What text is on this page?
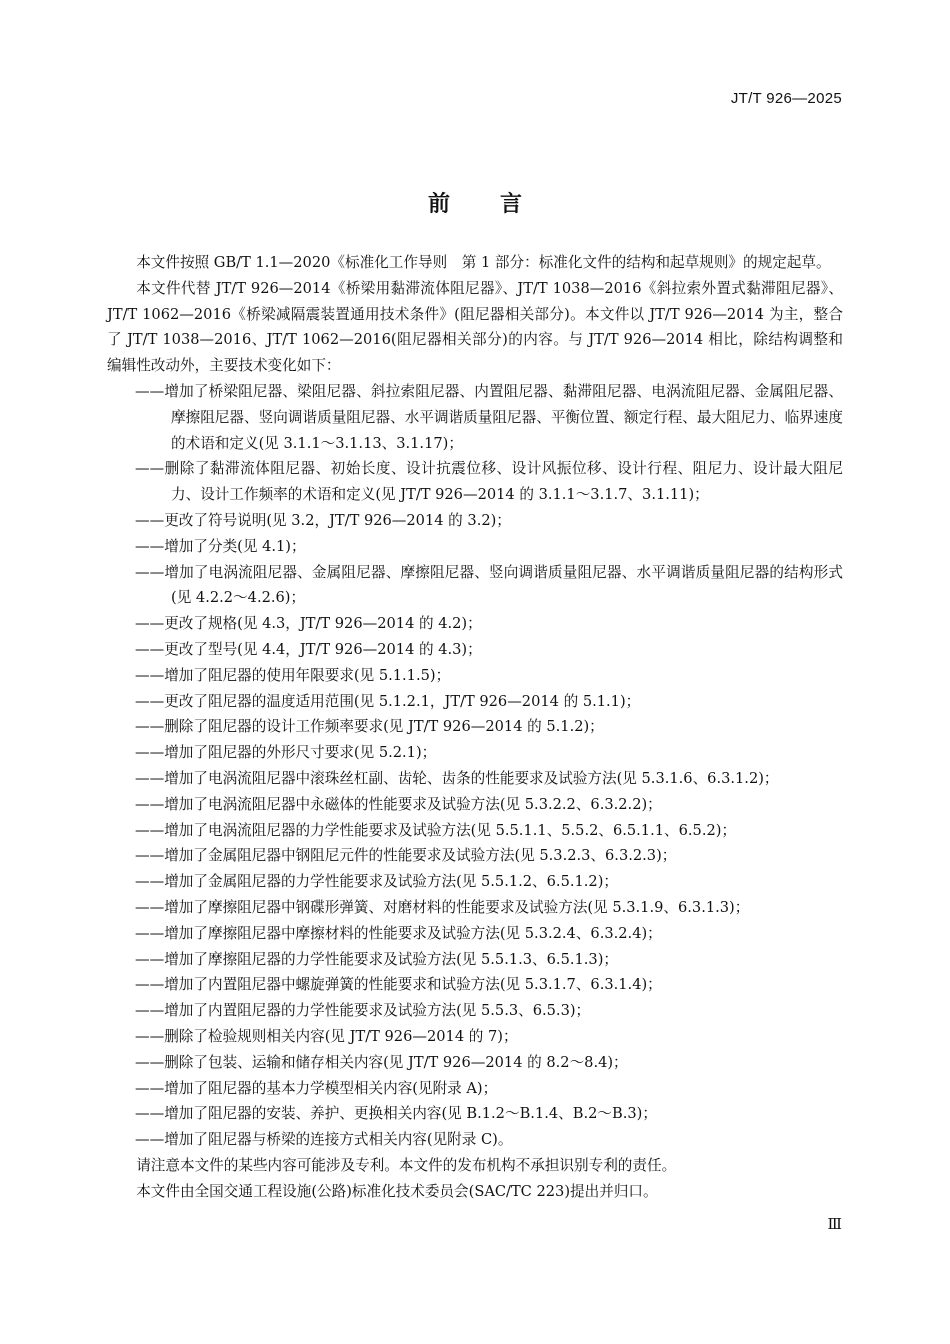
JT/T 926—2025
前言

本文件按照 GB/T 1.1—2020《标准化工作导则　第 1 部分：标准化文件的结构和起草规则》的规定起草。

本文件代替 JT/T 926—2014《桥梁用黏滞流体阻尼器》、JT/T 1038—2016《斜拉索外置式黏滞阻尼器》、JT/T 1062—2016《桥梁减隔震装置通用技术条件》(阻尼器相关部分)。本文件以 JT/T 926—2014 为主，整合了 JT/T 1038—2016、JT/T 1062—2016(阻尼器相关部分)的内容。与 JT/T 926—2014 相比，除结构调整和编辑性改动外，主要技术变化如下：

——增加了桥梁阻尼器、梁阻尼器、斜拉索阻尼器、内置阻尼器、黏滞阻尼器、电涡流阻尼器、金属阻尼器、摩擦阻尼器、竖向调谐质量阻尼器、水平调谐质量阻尼器、平衡位置、额定行程、最大阻尼力、临界速度的术语和定义(见 3.1.1～3.1.13、3.1.17)；
——删除了黏滞流体阻尼器、初始长度、设计抗震位移、设计风振位移、设计行程、阻尼力、设计最大阻尼力、设计工作频率的术语和定义(见 JT/T 926—2014 的 3.1.1～3.1.7、3.1.11)；
——更改了符号说明(见 3.2，JT/T 926—2014 的 3.2)；
——增加了分类(见 4.1)；
——增加了电涡流阻尼器、金属阻尼器、摩擦阻尼器、竖向调谐质量阻尼器、水平调谐质量阻尼器的结构形式(见 4.2.2～4.2.6)；
——更改了规格(见 4.3，JT/T 926—2014 的 4.2)；
——更改了型号(见 4.4，JT/T 926—2014 的 4.3)；
——增加了阻尼器的使用年限要求(见 5.1.1.5)；
——更改了阻尼器的温度适用范围(见 5.1.2.1，JT/T 926—2014 的 5.1.1)；
——删除了阻尼器的设计工作频率要求(见 JT/T 926—2014 的 5.1.2)；
——增加了阻尼器的外形尺寸要求(见 5.2.1)；
——增加了电涡流阻尼器中滚珠丝杠副、齿轮、齿条的性能要求及试验方法(见 5.3.1.6、6.3.1.2)；
——增加了电涡流阻尼器中永磁体的性能要求及试验方法(见 5.3.2.2、6.3.2.2)；
——增加了电涡流阻尼器的力学性能要求及试验方法(见 5.5.1.1、5.5.2、6.5.1.1、6.5.2)；
——增加了金属阻尼器中钢阻尼元件的性能要求及试验方法(见 5.3.2.3、6.3.2.3)；
——增加了金属阻尼器的力学性能要求及试验方法(见 5.5.1.2、6.5.1.2)；
——增加了摩擦阻尼器中钢碟形弹簧、对磨材料的性能要求及试验方法(见 5.3.1.9、6.3.1.3)；
——增加了摩擦阻尼器中摩擦材料的性能要求及试验方法(见 5.3.2.4、6.3.2.4)；
——增加了摩擦阻尼器的力学性能要求及试验方法(见 5.5.1.3、6.5.1.3)；
——增加了内置阻尼器中螺旋弹簧的性能要求和试验方法(见 5.3.1.7、6.3.1.4)；
——增加了内置阻尼器的力学性能要求及试验方法(见 5.5.3、6.5.3)；
——删除了检验规则相关内容(见 JT/T 926—2014 的 7)；
——删除了包装、运输和储存相关内容(见 JT/T 926—2014 的 8.2～8.4)；
——增加了阻尼器的基本力学模型相关内容(见附录 A)；
——增加了阻尼器的安装、养护、更换相关内容(见 B.1.2～B.1.4、B.2～B.3)；
——增加了阻尼器与桥梁的连接方式相关内容(见附录 C)。

请注意本文件的某些内容可能涉及专利。本文件的发布机构不承担识别专利的责任。

本文件由全国交通工程设施(公路)标准化技术委员会(SAC/TC 223)提出并归口。

Ⅲ
